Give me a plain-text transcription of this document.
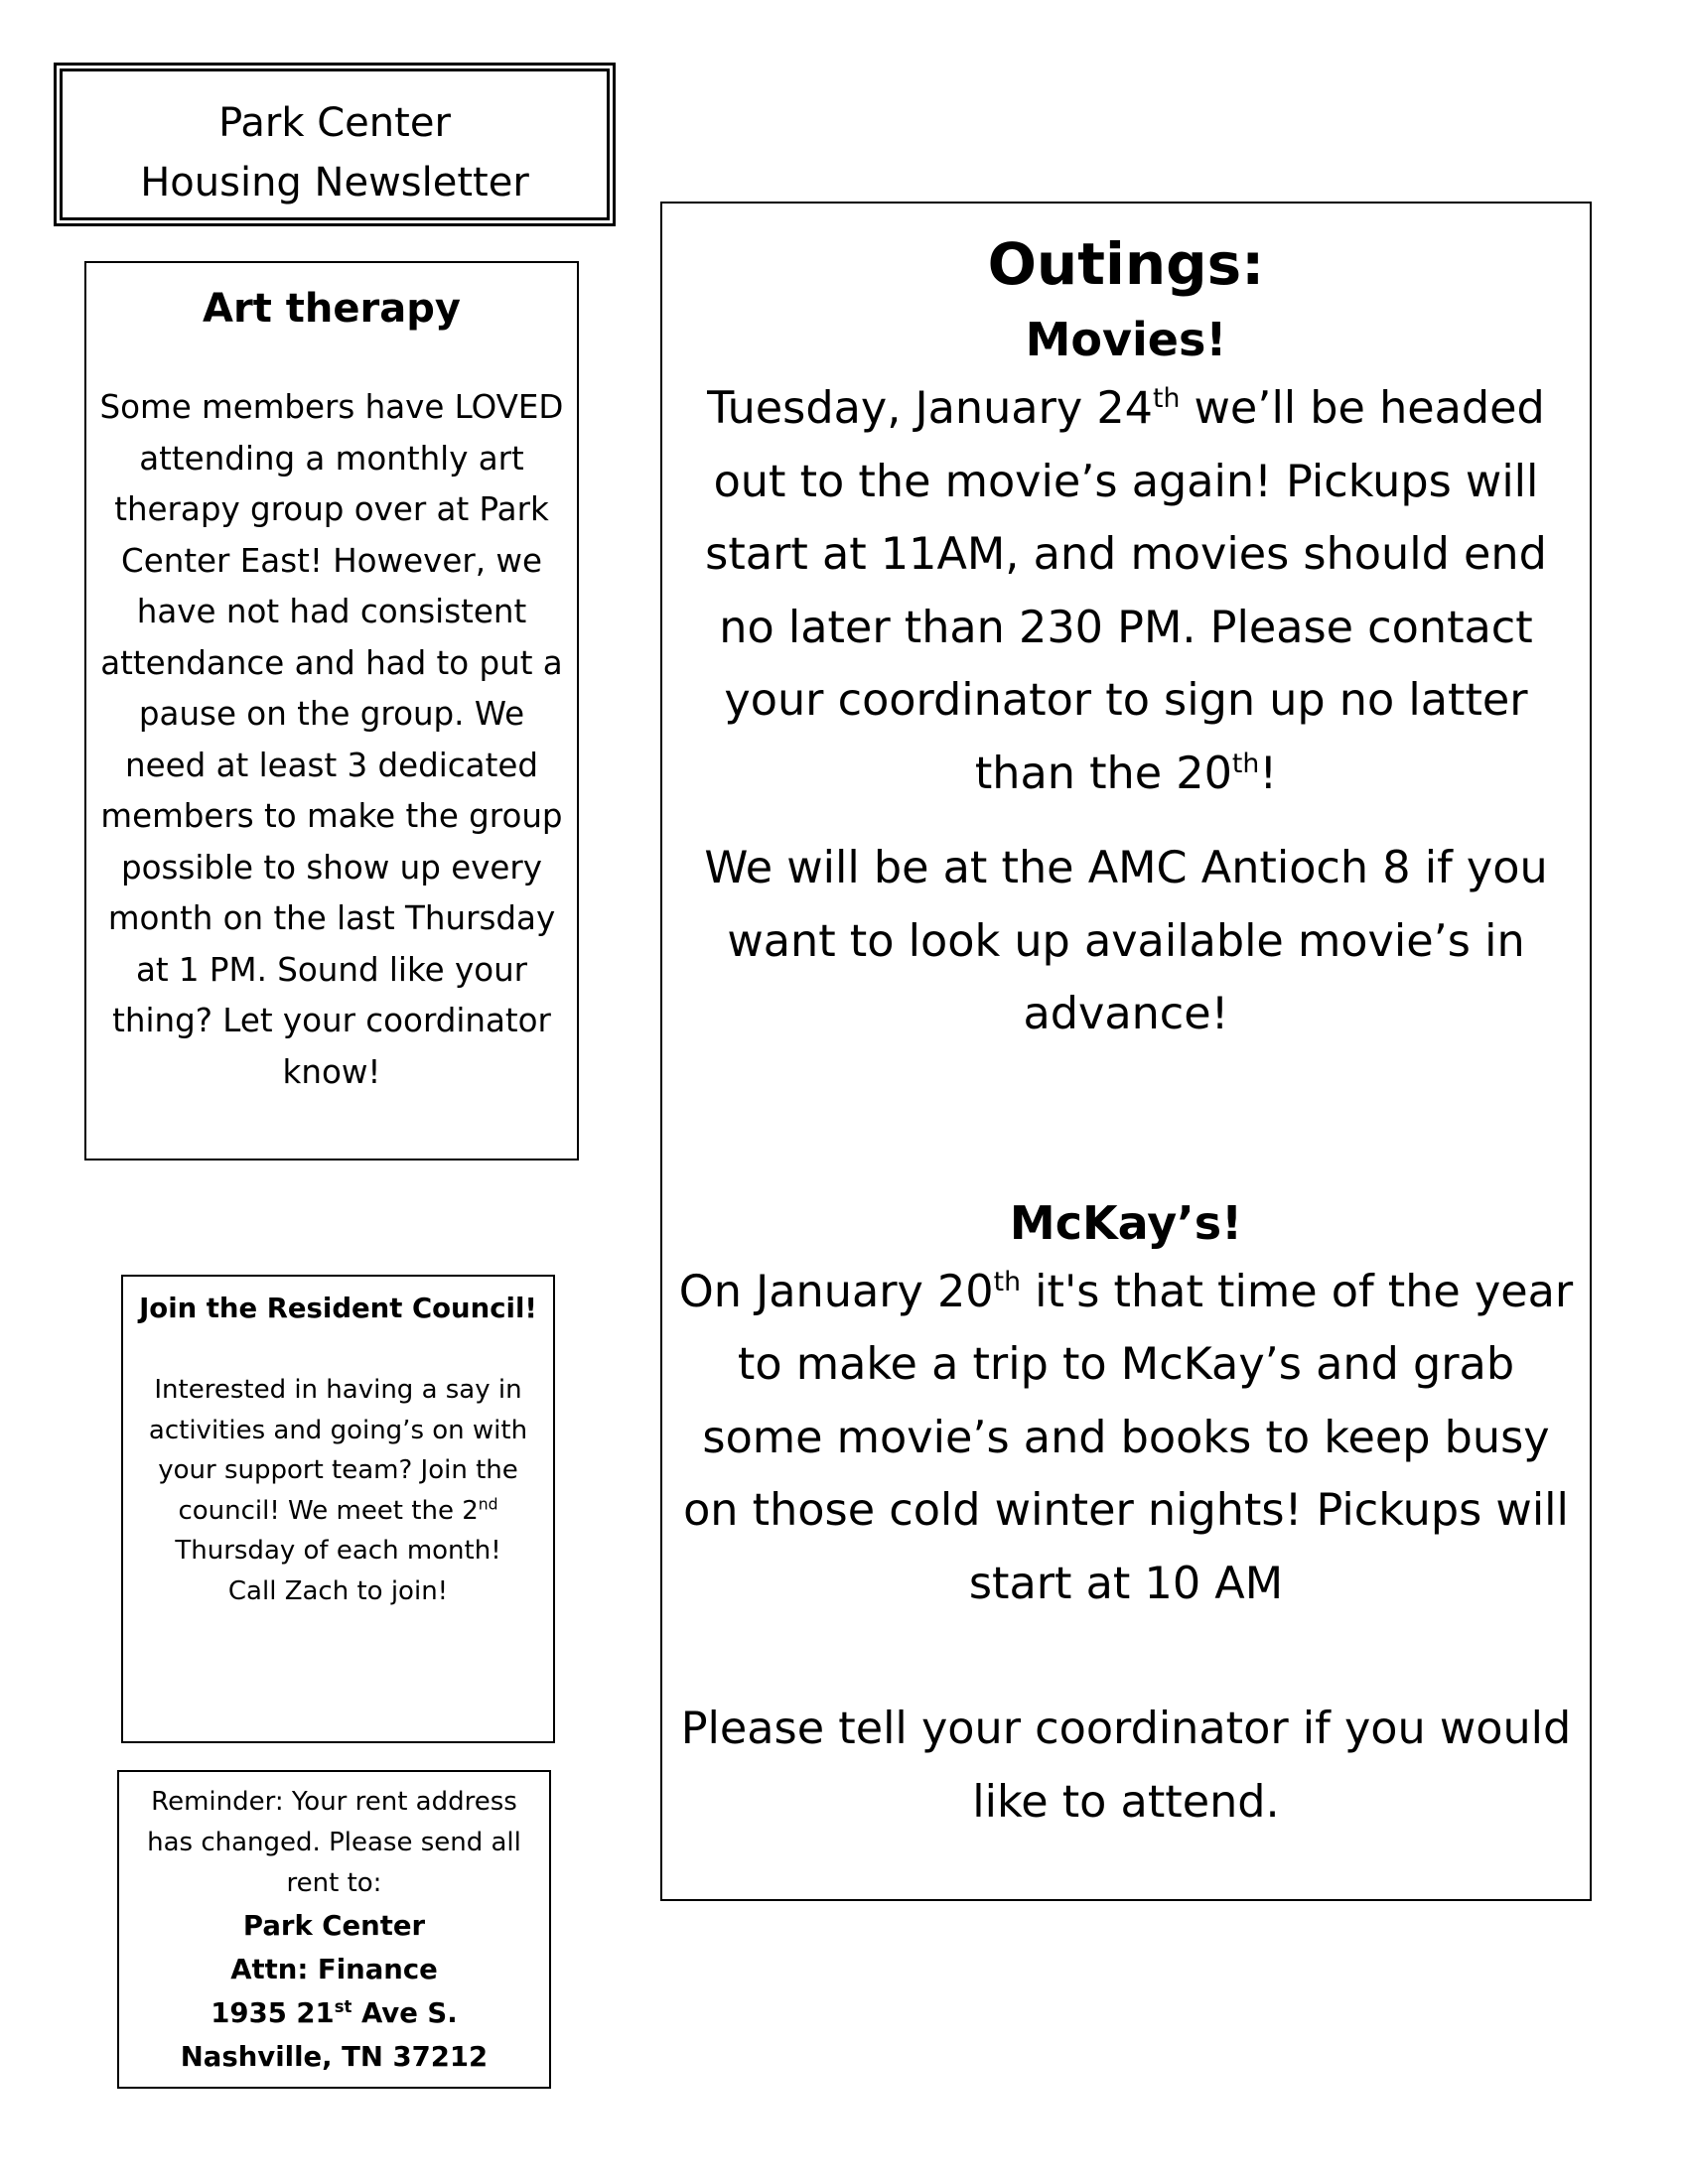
Park Center
Housing Newsletter
Art therapy

Some members have LOVED attending a monthly art therapy group over at Park Center East! However, we have not had consistent attendance and had to put a pause on the group. We need at least 3 dedicated members to make the group possible to show up every month on the last Thursday at 1 PM. Sound like your thing? Let your coordinator know!

Join the Resident Council!

Interested in having a say in activities and going’s on with your support team? Join the council! We meet the 2nd Thursday of each month!
Call Zach to join!

Reminder: Your rent address has changed. Please send all rent to:

Park Center
Attn: Finance
1935 21st Ave S.
Nashville, TN 37212
Outings:
Movies!

Tuesday, January 24th we’ll be headed out to the movie’s again! Pickups will start at 11AM, and movies should end no later than 230 PM. Please contact your coordinator to sign up no latter than the 20th!

We will be at the AMC Antioch 8 if you want to look up available movie’s in advance!

McKay’s!

On January 20th it's that time of the year to make a trip to McKay’s and grab some movie’s and books to keep busy on those cold winter nights! Pickups will start at 10 AM

Please tell your coordinator if you would like to attend.
